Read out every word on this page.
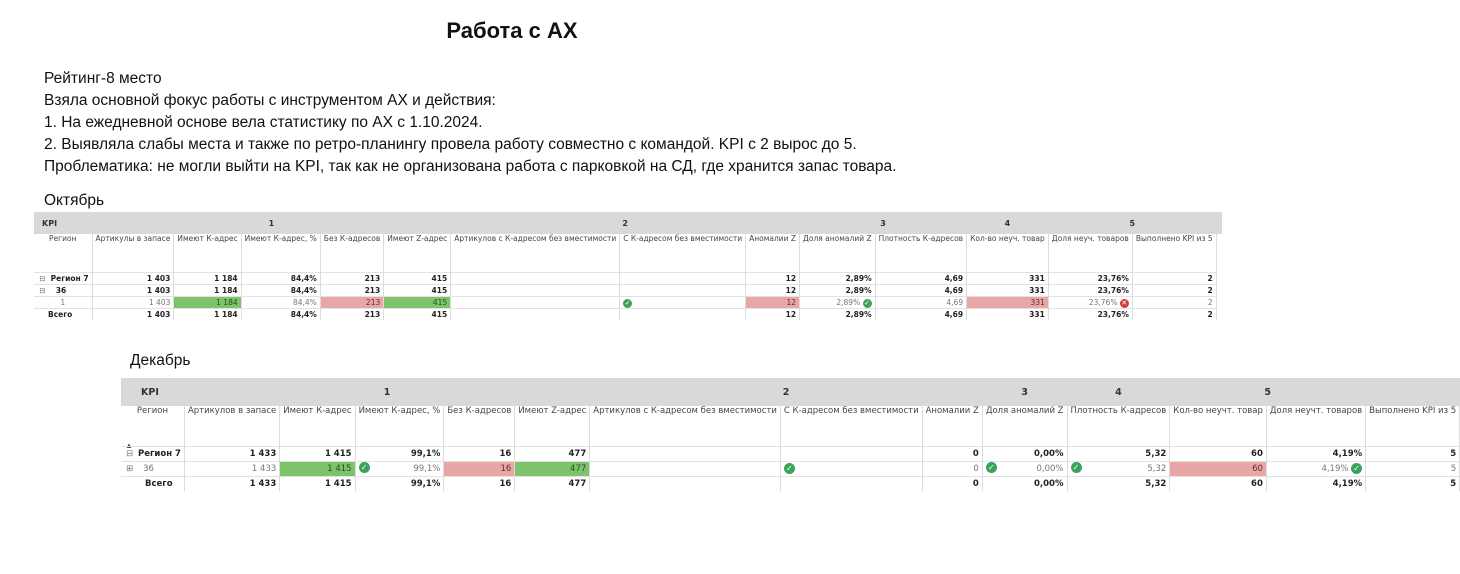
Работа с АХ
Рейтинг-8 место
Взяла основной фокус работы с инструментом АХ и действия:
1. На ежедневной основе вела статистику по АХ с 1.10.2024.
2. Выявляла слабы места и также по ретро-планингу провела работу совместно с командой. KPI с 2 вырос до 5.
Проблематика: не могли выйти на KPI, так как не организована работа с парковкой на СД, где хранится запас товара.
Октябрь
Декабрь
KPI	1					2			3		4	5		
Регион	Артикулы в запасе	Имеют К-адрес	Имеют К-адрес, %	Без К-адресов	Имеют Z-адрес	Артикулов с К-адресом без вместимости	С К-адресом без вместимости	Аномалии Z	Доля аномалий Z	Плотность К-адресов	Кол-во неуч. товар	Доля неуч. товаров	Выполнено KPI из 5	
⊟ Регион 7	1 403	1 184	84,4%	213	415			12	2,89%	4,69	331	23,76%	2	
⊟ 36	1 403	1 184	84,4%	213	415			12	2,89%	4,69	331	23,76%	2	
1	1 403	1 184	84,4%	213	415		✓	12	2,89% ✓	4,69	331	23,76% ✕	2	
Всего	1 403	1 184	84,4%	213	415			12	2,89%	4,69	331	23,76%	2	
▲
KPI	1					2			3	4	5		
Регион	Артикулов в запасе	Имеют К-адрес	Имеют К-адрес, %	Без К-адресов	Имеют Z-адрес	Артикулов с К-адресом без вместимости	С К-адресом без вместимости	Аномалии Z	Доля аномалий Z	Плотность К-адресов	Кол-во неучт. товар	Доля неучт. товаров	Выполнено KPI из 5
⊟ Регион 7	1 433	1 415	99,1%	16	477			0	0,00%	5,32	60	4,19%	5
⊞ 36	1 433	1 415	✓ 99,1%	16	477		✓	0	✓ 0,00%	✓ 5,32	60	4,19% ✓	5
Всего	1 433	1 415	99,1%	16	477			0	0,00%	5,32	60	4,19%	5
